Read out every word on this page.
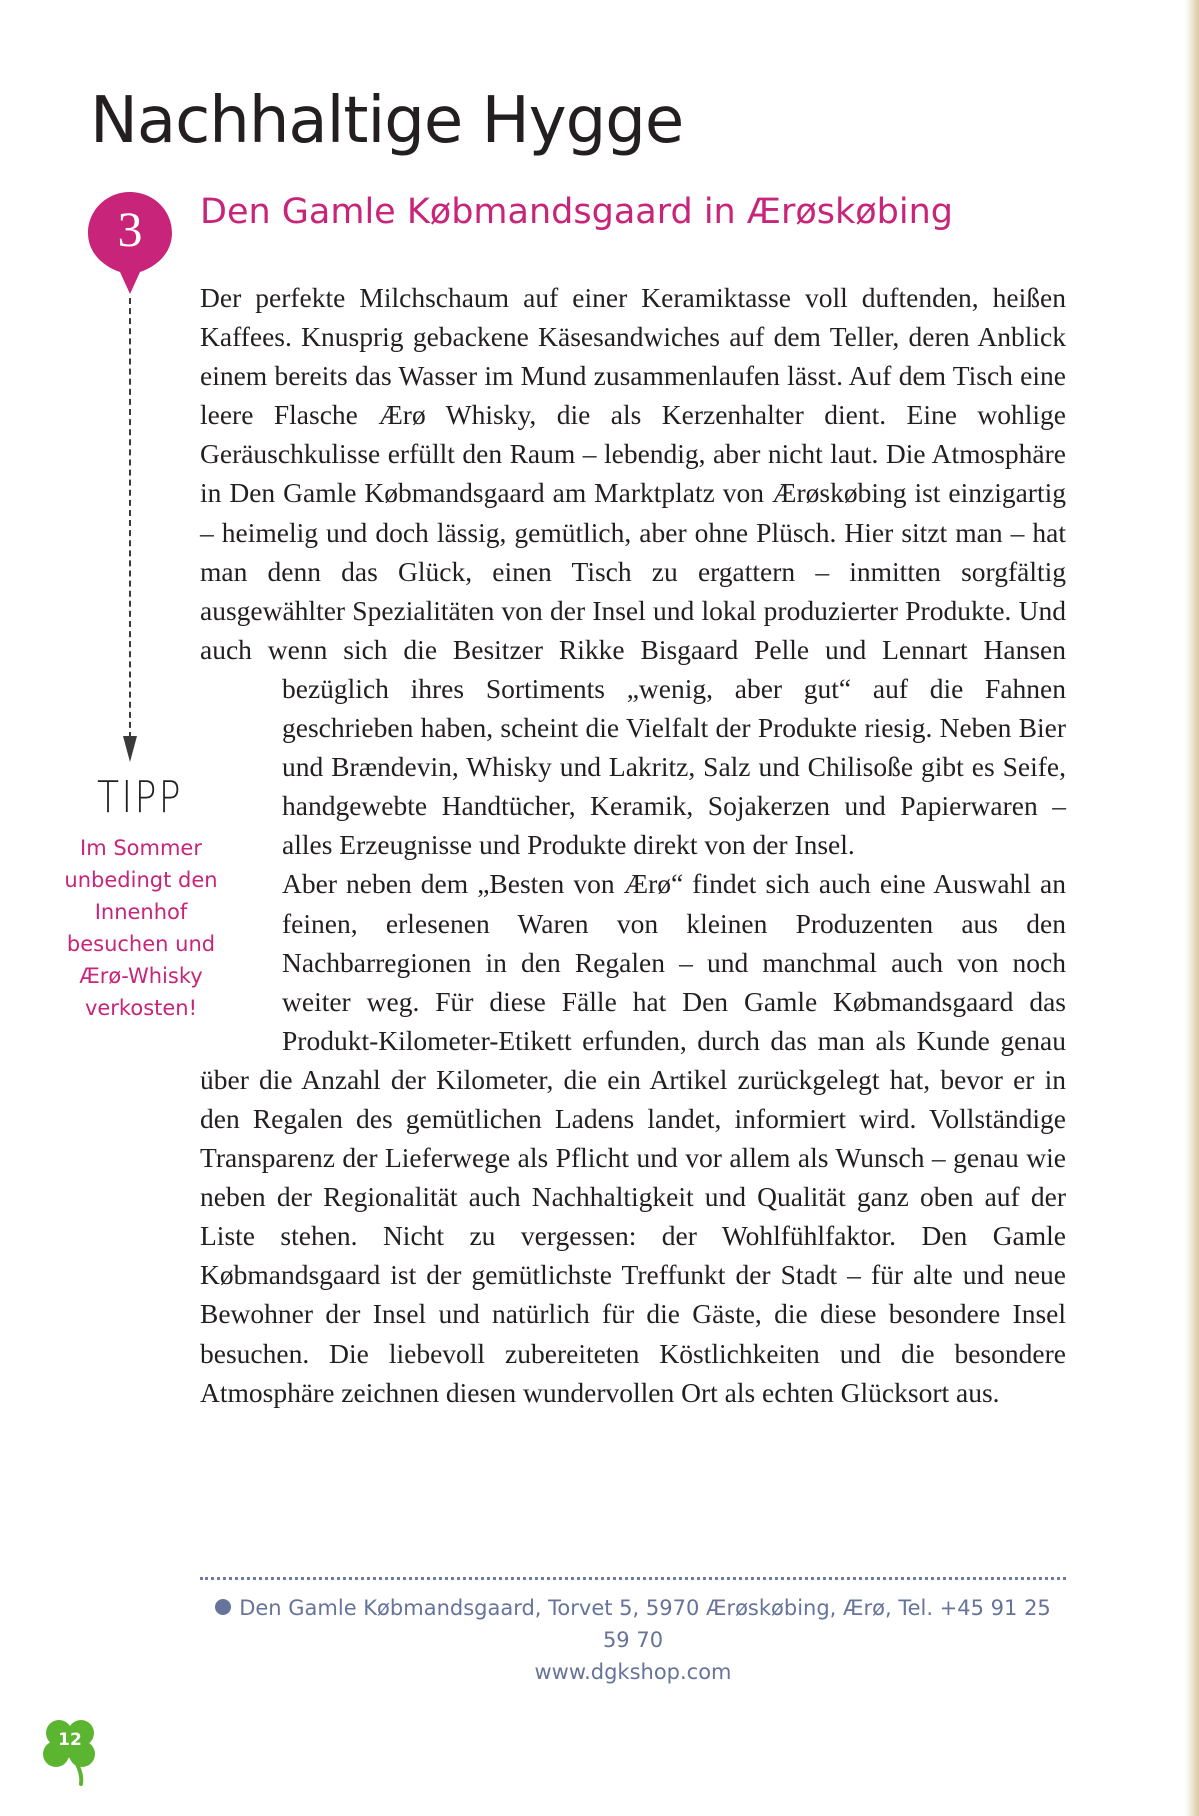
Nachhaltige Hygge
3	Den Gamle Købmandsgaard in Ærøskøbing

Der perfekte Milchschaum auf einer Keramiktasse voll duftenden, heißen Kaffees. Knusprig gebackene Käsesandwiches auf dem Teller, deren Anblick einem bereits das Wasser im Mund zusammenlaufen lässt. Auf dem Tisch eine leere Flasche Ærø Whisky, die als Kerzenhalter dient. Eine wohlige Geräuschkulisse erfüllt den Raum – lebendig, aber nicht laut. Die Atmosphäre in Den Gamle Købmandsgaard am Marktplatz von Ærøskøbing ist einzigartig – heimelig und doch lässig, gemütlich, aber ohne Plüsch. Hier sitzt man – hat man denn das Glück, einen Tisch zu ergattern – inmitten sorgfältig ausgewählter Spezialitäten von der Insel und lokal produzierter Produkte. Und auch wenn sich die Besitzer Rikke Bisgaard Pelle und Lennart Hansen bezüglich ihres Sortiments „wenig, aber gut“ auf die Fahnen geschrieben haben, scheint die Vielfalt der Produkte riesig. Neben Bier und Brændevin, Whisky und Lakritz, Salz und Chilisoße gibt es Seife, handgewebte Handtücher, Keramik, Sojakerzen und Papierwaren – alles Erzeugnisse und Produkte direkt von der Insel.

Aber neben dem „Besten von Ærø“ findet sich auch eine Auswahl an feinen, erlesenen Waren von kleinen Produzenten aus den Nachbarregionen in den Regalen – und manchmal auch von noch weiter weg. Für diese Fälle hat Den Gamle Købmandsgaard das Produkt-Kilometer-Etikett erfunden, durch das man als Kunde genau über die Anzahl der Kilometer, die ein Artikel zurückgelegt hat, bevor er in den Regalen des gemütlichen Ladens landet, informiert wird. Vollständige Transparenz der Lieferwege als Pflicht und vor allem als Wunsch – genau wie neben der Regionalität auch Nachhaltigkeit und Qualität ganz oben auf der Liste stehen. Nicht zu vergessen: der Wohlfühlfaktor. Den Gamle Købmandsgaard ist der gemütlichste Treffunkt der Stadt – für alte und neue Bewohner der Insel und natürlich für die Gäste, die diese besondere Insel besuchen. Die liebevoll zubereiteten Köstlichkeiten und die besondere Atmosphäre zeichnen diesen wundervollen Ort als echten Glücksort aus.

TIPP
Im Sommer unbedingt den Innenhof besuchen und Ærø-Whisky verkosten!
Den Gamle Købmandsgaard, Torvet 5, 5970 Ærøskøbing, Ærø, Tel. +45 91 25 59 70
www.dgkshop.com
12
